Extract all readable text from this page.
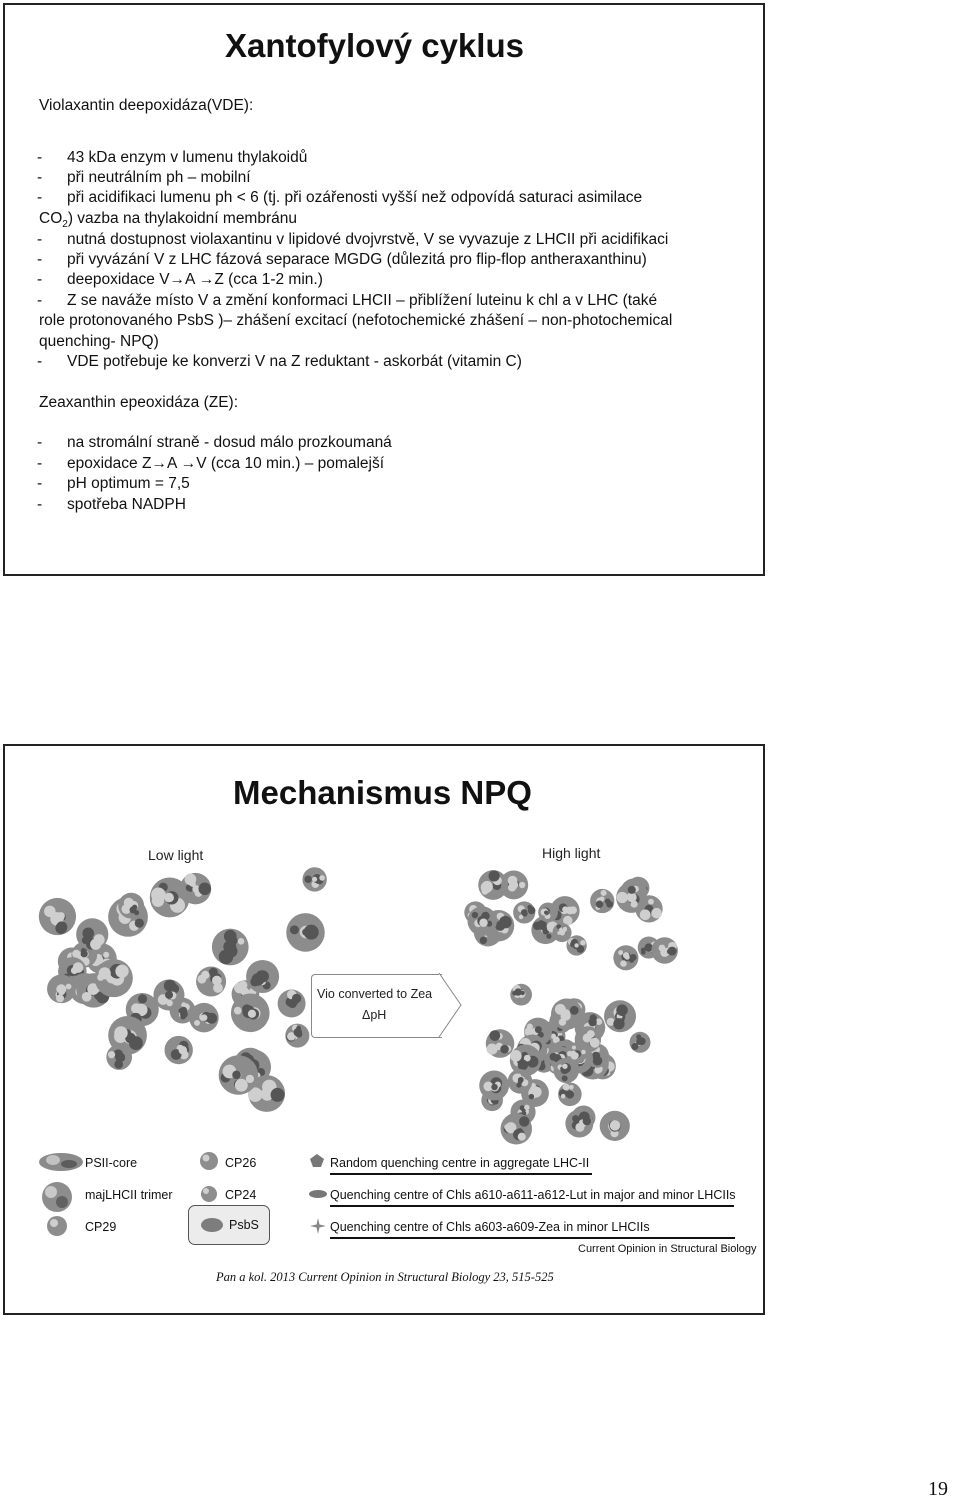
Xantofylový cyklus
Violaxantin deepoxidáza(VDE):
- 43 kDa enzym v lumenu thylakoidů
- při neutrálním ph – mobilní
- při acidifikaci lumenu ph < 6 (tj. při ozářenosti vyšší než odpovídá saturaci asimilace
$CO_2$) vazba na thylakoidní membránu
- nutná dostupnost violaxantinu v lipidové dvojvrstvě, V se vyvazuje z LHCII při acidifikaci
- při vyvázání V z LHC fázová separace MGDG (důlezitá pro flip-flop antheraxanthinu)
- deepoxidace V→A →Z (cca 1-2 min.)
- Z se naváže místo V a změní konformaci LHCII – přiblížení luteinu k chl a v LHC (také
role protonovaného PsbS )– zhášení excitací (nefotochemické zhášení – non-photochemical
quenching- NPQ)
- VDE potřebuje ke konverzi V na Z reduktant - askorbát (vitamin C)
Zeaxanthin epeoxidáza (ZE):
- na stromální straně - dosud málo prozkoumaná
- epoxidace Z→A →V (cca 10 min.) – pomalejší
- pH optimum = 7,5
- spotřeba NADPH
Mechanismus NPQ
Low light	High light
Vio converted to Zea
ΔpH
PSII-core
majLHCII trimer
CP29
CP26
CP24
PsbS
Random quenching centre in aggregate LHC-II
Quenching centre of Chls a610-a611-a612-Lut in major and minor LHCIIs
Quenching centre of Chls a603-a609-Zea in minor LHCIIs
Current Opinion in Structural Biology
Pan a kol. 2013 Current Opinion in Structural Biology 23, 515-525
19
